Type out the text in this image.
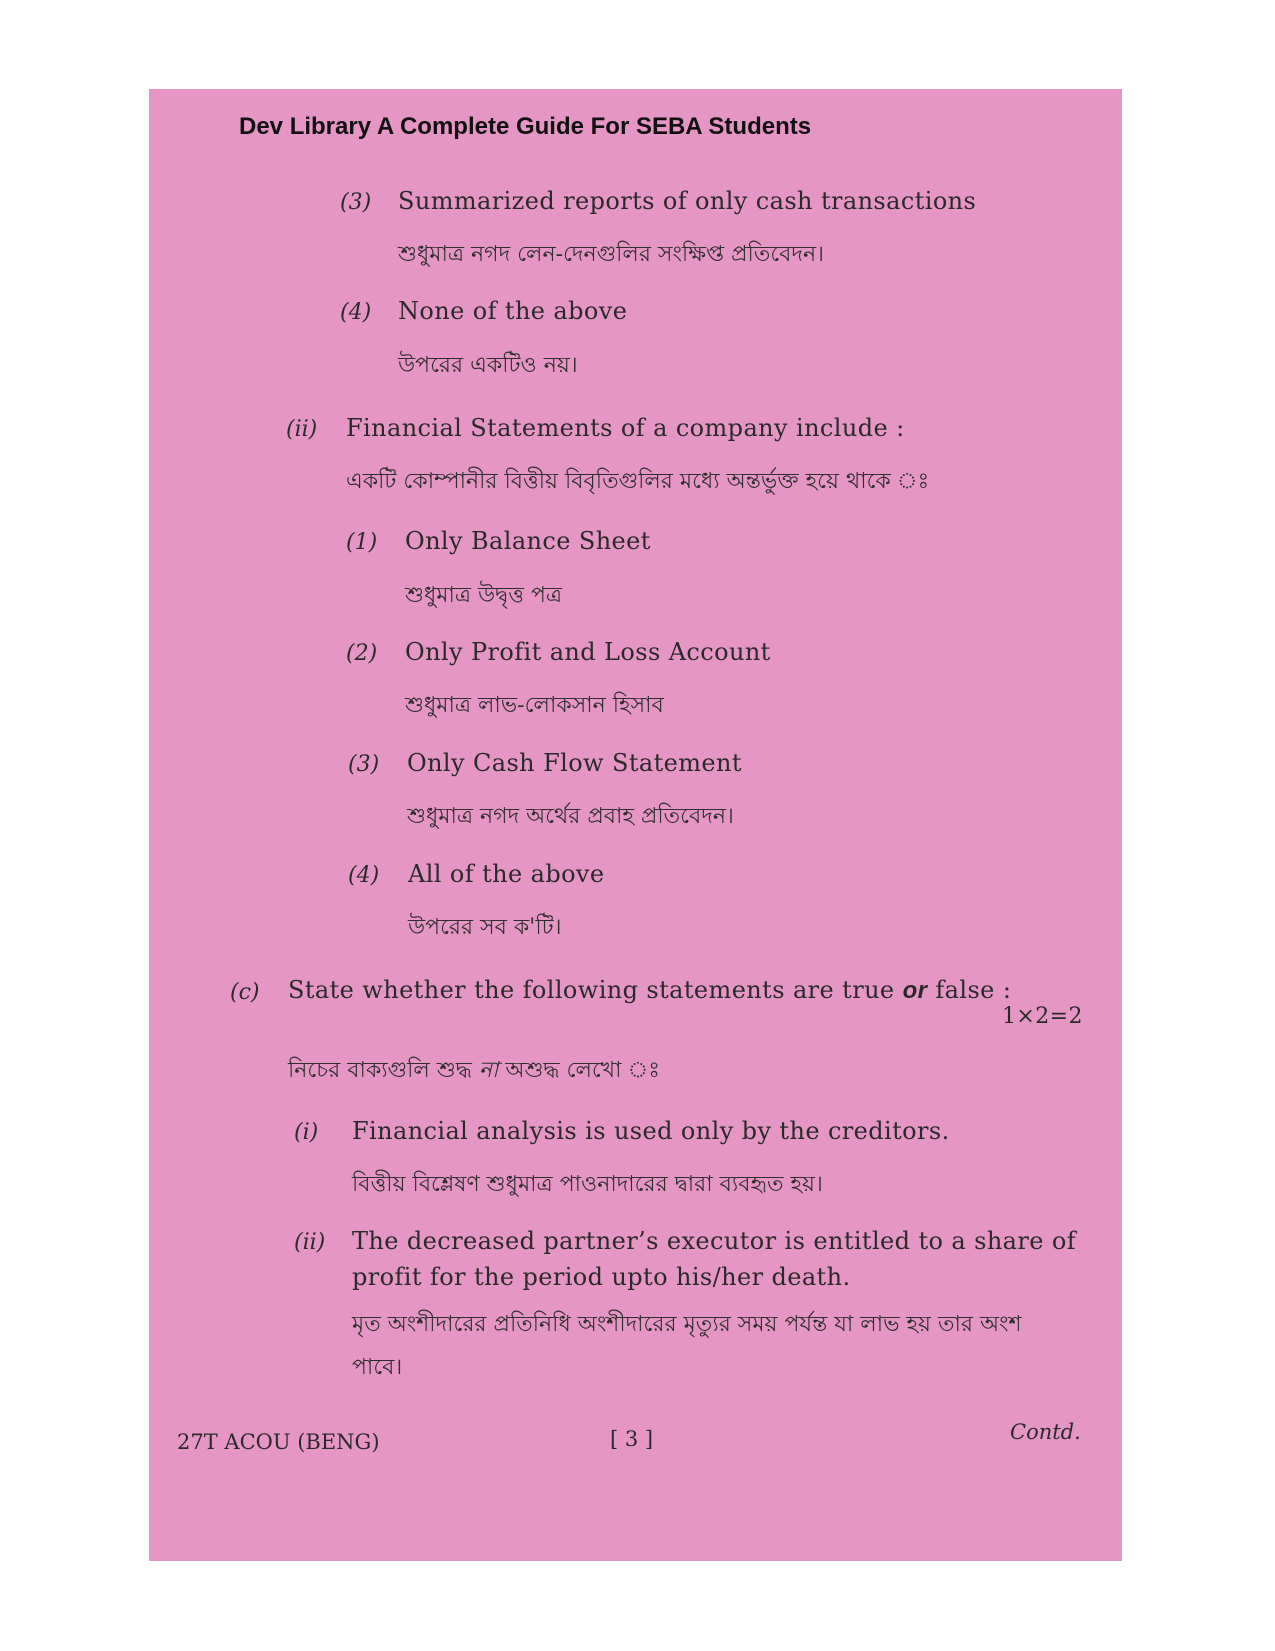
Dev Library A Complete Guide For SEBA Students
(3) Summarized reports of only cash transactions
শুধুমাত্র নগদ লেন-দেনগুলির সংক্ষিপ্ত প্রতিবেদন।
(4) None of the above
উপরের একটিও নয়।
(ii) Financial Statements of a company include :
একটি কোম্পানীর বিত্তীয় বিবৃতিগুলির মধ্যে অন্তর্ভুক্ত হয়ে থাকে ঃ
(1) Only Balance Sheet
শুধুমাত্র উদ্বৃত্ত পত্র
(2) Only Profit and Loss Account
শুধুমাত্র লাভ-লোকসান হিসাব
(3) Only Cash Flow Statement
শুধুমাত্র নগদ অর্থের প্রবাহ প্রতিবেদন।
(4) All of the above
উপরের সব ক'টি।
(c) State whether the following statements are true or false :
1×2=2
নিচের বাক্যগুলি শুদ্ধ না অশুদ্ধ লেখো ঃ
(i) Financial analysis is used only by the creditors.
বিত্তীয় বিশ্লেষণ শুধুমাত্র পাওনাদারের দ্বারা ব্যবহৃত হয়।
(ii) The decreased partner’s executor is entitled to a share of
profit for the period upto his/her death.
মৃত অংশীদারের প্রতিনিধি অংশীদারের মৃত্যুর সময় পর্যন্ত যা লাভ হয় তার অংশ
পাবে।
27T ACOU (BENG)	[ 3 ]	Contd.
